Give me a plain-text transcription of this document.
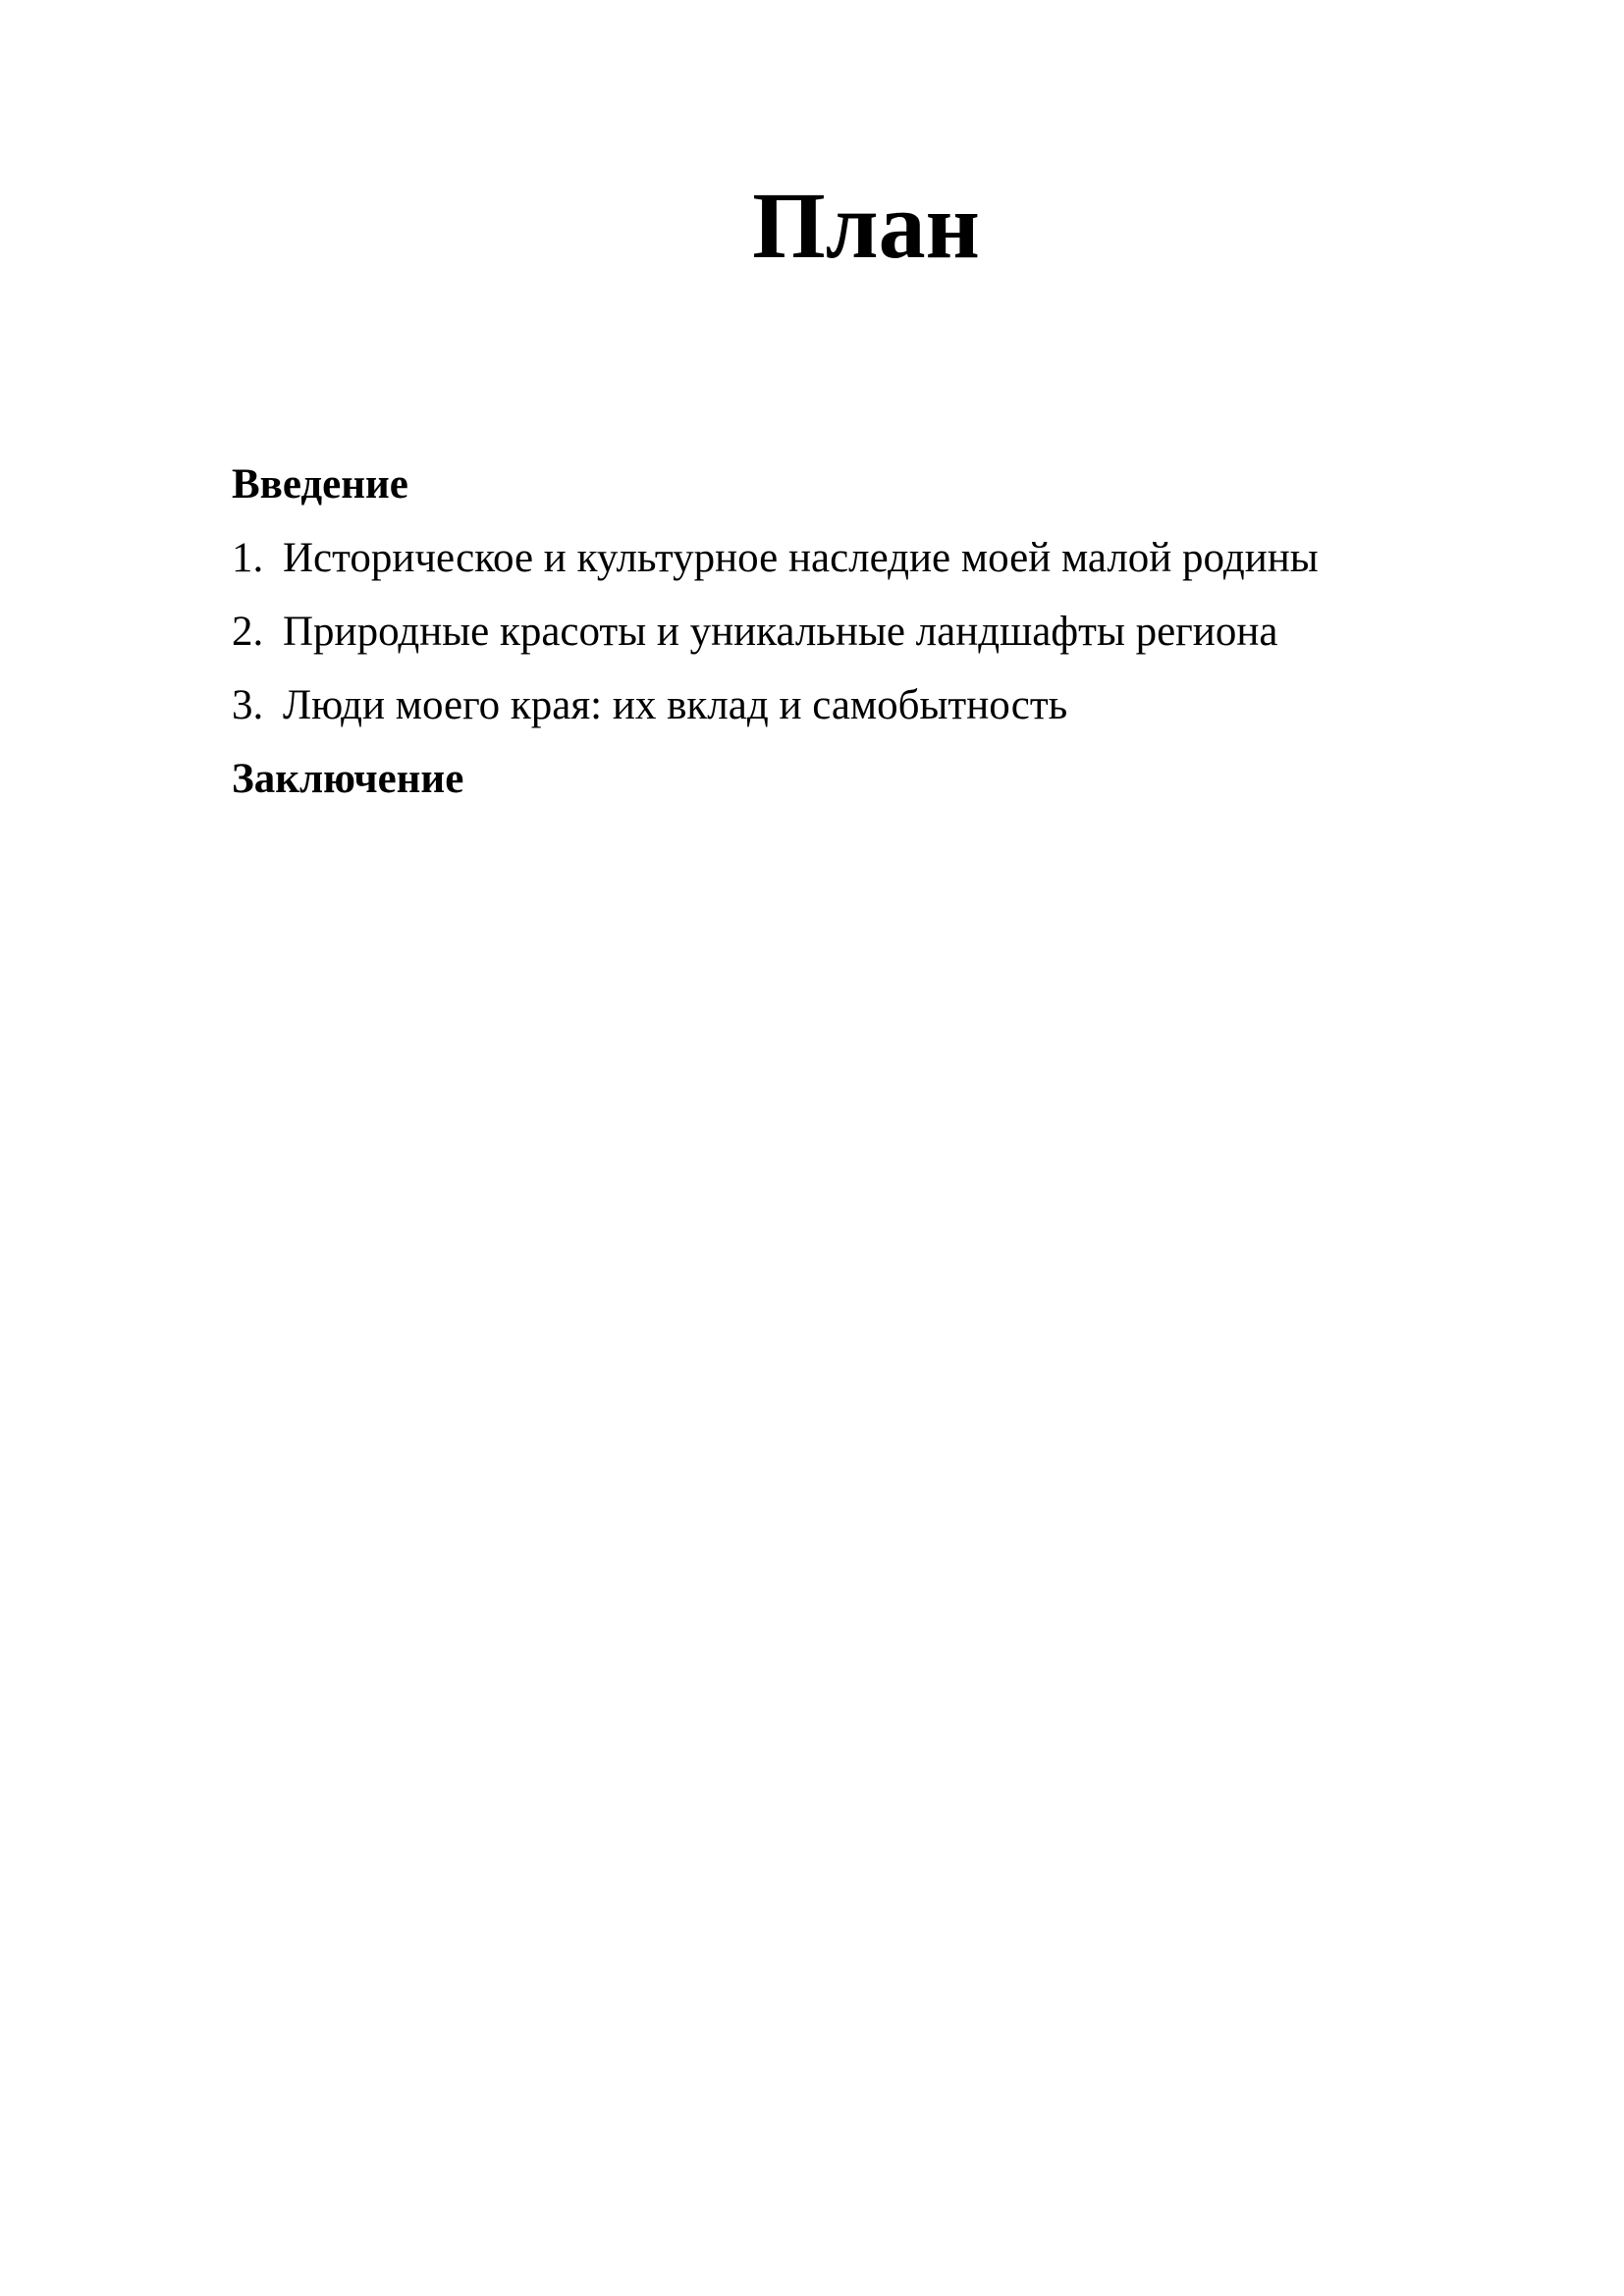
План
Введение
1. Историческое и культурное наследие моей малой родины
2. Природные красоты и уникальные ландшафты региона
3. Люди моего края: их вклад и самобытность
Заключение
